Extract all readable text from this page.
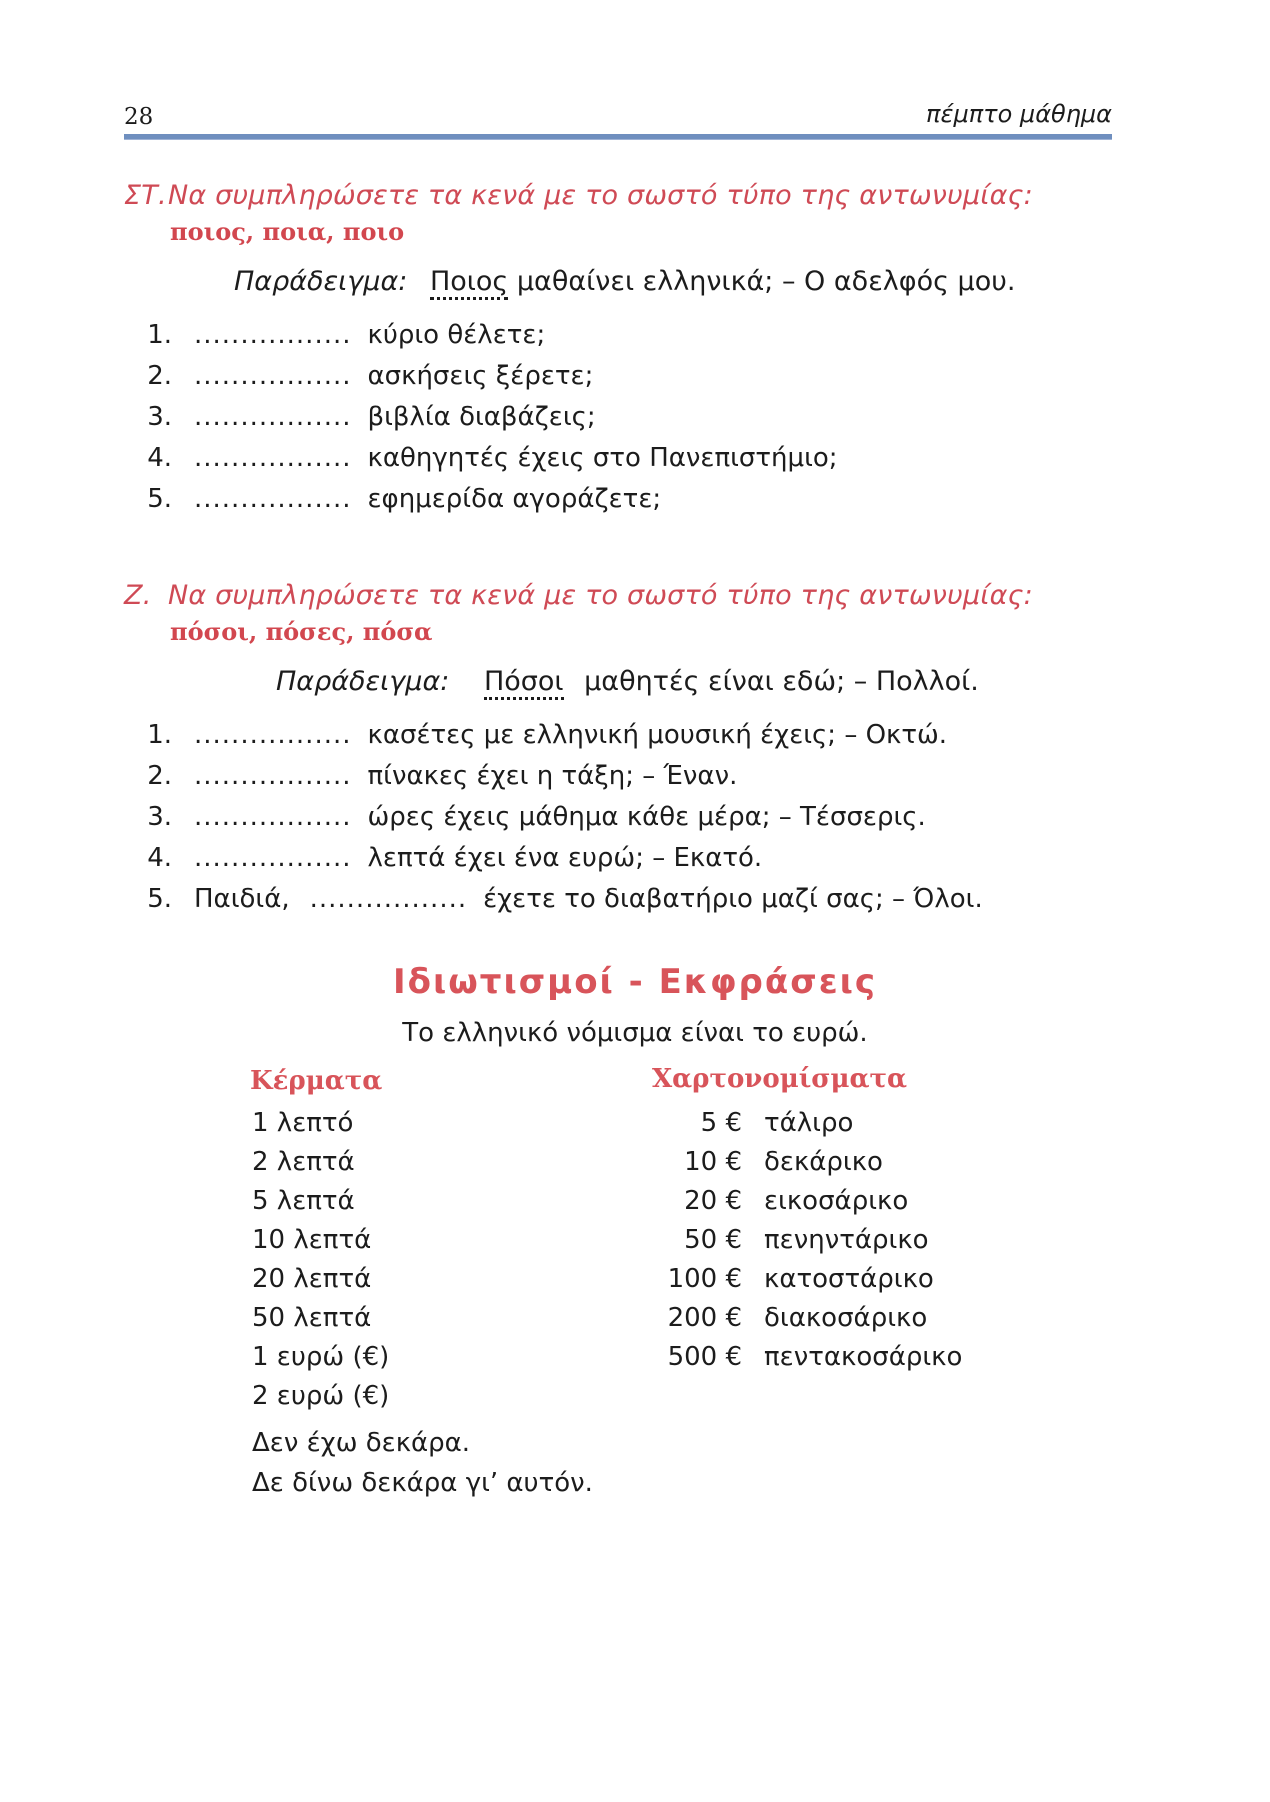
28	πέμπτο μάθημα
ΣΤ.Να συμπληρώσετε τα κενά με το σωστό τύπο της αντωνυμίας:
ποιος, ποια, ποιο
Παράδειγμα: Ποιος μαθαίνει ελληνικά; – Ο αδελφός μου.
1. ................. κύριο θέλετε;
2. ................. ασκήσεις ξέρετε;
3. ................. βιβλία διαβάζεις;
4. ................. καθηγητές έχεις στο Πανεπιστήμιο;
5. ................. εφημερίδα αγοράζετε;
Ζ. Να συμπληρώσετε τα κενά με το σωστό τύπο της αντωνυμίας:
πόσοι, πόσες, πόσα
Παράδειγμα: Πόσοι μαθητές είναι εδώ; – Πολλοί.
1. ................. κασέτες με ελληνική μουσική έχεις; – Οκτώ.
2. ................. πίνακες έχει η τάξη; – Έναν.
3. ................. ώρες έχεις μάθημα κάθε μέρα; – Τέσσερις.
4. ................. λεπτά έχει ένα ευρώ; – Εκατό.
5. Παιδιά, ................. έχετε το διαβατήριο μαζί σας; – Όλοι.
Ιδιωτισμοί - Εκφράσεις
Το ελληνικό νόμισμα είναι το ευρώ.
Κέρματα	Χαρτονομίσματα
1 λεπτό
2 λεπτά
5 λεπτά
10 λεπτά
20 λεπτά
50 λεπτά
1 ευρώ (€)
2 ευρώ (€)
5 € τάλιρο
10 € δεκάρικο
20 € εικοσάρικο
50 € πενηντάρικο
100 € κατοστάρικο
200 € διακοσάρικο
500 € πεντακοσάρικο
Δεν έχω δεκάρα.
Δε δίνω δεκάρα γι’ αυτόν.
